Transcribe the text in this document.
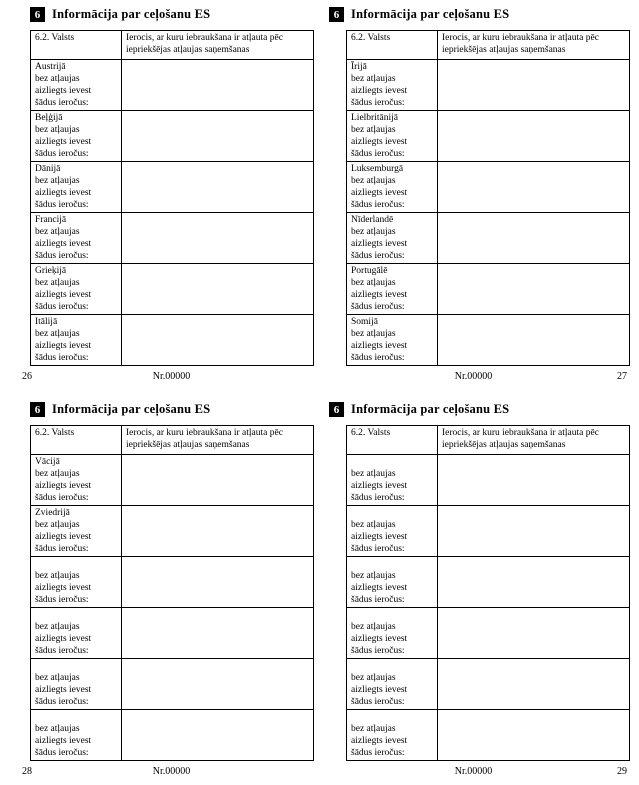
6 Informācija par ceļošanu ES
6.2. Valsts	Ierocis, ar kuru iebraukšana ir atļauta pēc iepriekšējas atļaujas saņemšanas

Austrijā
bez atļaujas
aizliegts ievest
šādus ieročus:	

Beļģijā
bez atļaujas
aizliegts ievest
šādus ieročus:	

Dānijā
bez atļaujas
aizliegts ievest
šādus ieročus:	

Francijā
bez atļaujas
aizliegts ievest
šādus ieročus:	

Grieķijā
bez atļaujas
aizliegts ievest
šādus ieročus:	

Itālijā
bez atļaujas
aizliegts ievest
šādus ieročus:	

26	Nr.00000
6 Informācija par ceļošanu ES
6.2. Valsts	Ierocis, ar kuru iebraukšana ir atļauta pēc iepriekšējas atļaujas saņemšanas

Īrijā
bez atļaujas
aizliegts ievest
šādus ieročus:	

Lielbritānijā
bez atļaujas
aizliegts ievest
šādus ieročus:	

Luksemburgā
bez atļaujas
aizliegts ievest
šādus ieročus:	

Nīderlandē
bez atļaujas
aizliegts ievest
šādus ieročus:	

Portugālē
bez atļaujas
aizliegts ievest
šādus ieročus:	

Somijā
bez atļaujas
aizliegts ievest
šādus ieročus:	

27
Nr.00000
6 Informācija par ceļošanu ES
6.2. Valsts	Ierocis, ar kuru iebraukšana ir atļauta pēc iepriekšējas atļaujas saņemšanas

Vācijā
bez atļaujas
aizliegts ievest
šādus ieročus:	

Zviedrijā
bez atļaujas
aizliegts ievest
šādus ieročus:	

bez atļaujas
aizliegts ievest
šādus ieročus:	

bez atļaujas
aizliegts ievest
šādus ieročus:	

bez atļaujas
aizliegts ievest
šādus ieročus:	

bez atļaujas
aizliegts ievest
šādus ieročus:	

28	Nr.00000
6 Informācija par ceļošanu ES
6.2. Valsts	Ierocis, ar kuru iebraukšana ir atļauta pēc iepriekšējas atļaujas saņemšanas

bez atļaujas
aizliegts ievest
šādus ieročus:	

bez atļaujas
aizliegts ievest
šādus ieročus:	

bez atļaujas
aizliegts ievest
šādus ieročus:	

bez atļaujas
aizliegts ievest
šādus ieročus:	

bez atļaujas
aizliegts ievest
šādus ieročus:	

bez atļaujas
aizliegts ievest
šādus ieročus:	

29
Nr.00000
